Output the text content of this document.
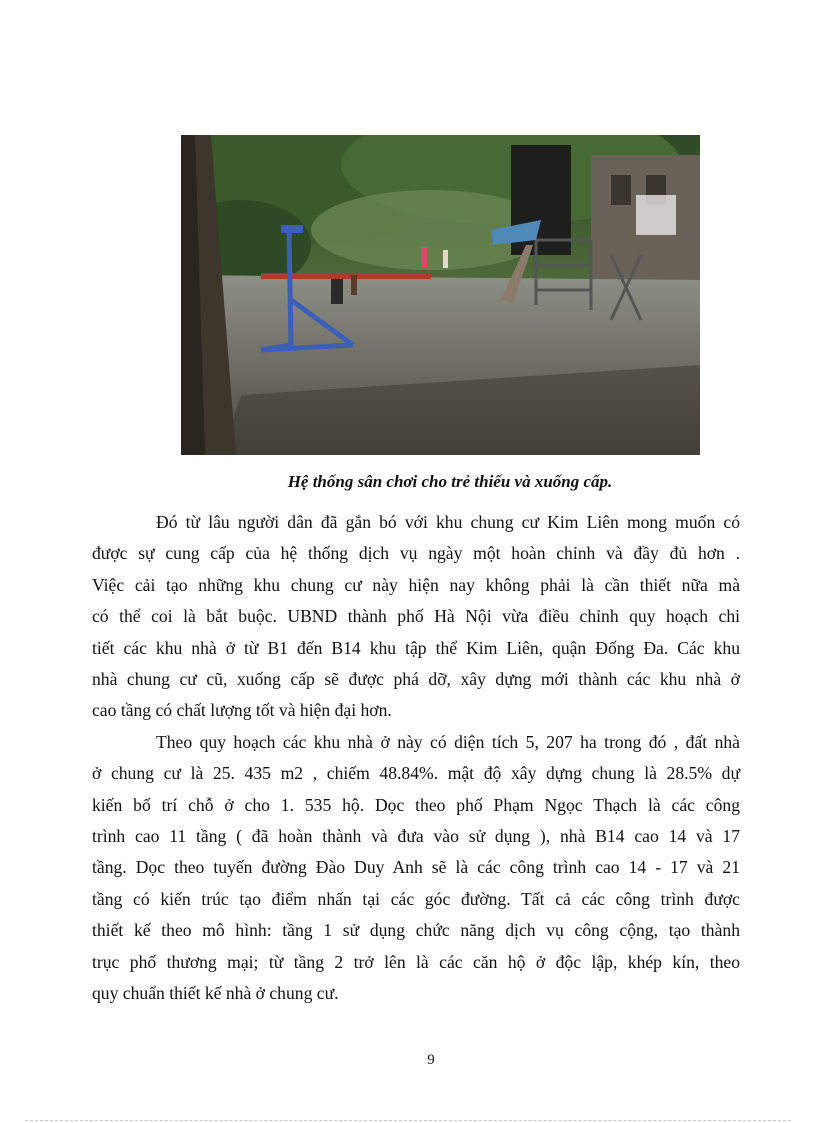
Hệ thống sân chơi cho trẻ thiếu và xuống cấp.
Đó từ lâu người dân đã gắn bó với khu chung cư Kim Liên mong muốn có
được sự cung cấp của hệ thống dịch vụ ngày một hoàn chỉnh và đầy đủ hơn .
Việc cải tạo những khu chung cư này hiện nay không phải là cần thiết nữa mà
có thể coi là bắt buộc. UBND thành phố Hà Nội vừa điều chỉnh quy hoạch chi
tiết các khu nhà ở từ B1 đến B14 khu tập thể Kim Liên, quận Đống Đa. Các khu
nhà chung cư cũ, xuống cấp sẽ được phá dỡ, xây dựng mới thành các khu nhà ở
cao tầng có chất lượng tốt và hiện đại hơn.
Theo quy hoạch các khu nhà ở này có diện tích 5, 207 ha trong đó , đất nhà
ở chung cư là 25. 435 m2 , chiếm 48.84%. mật độ xây dựng chung là 28.5% dự
kiến bố trí chỗ ở cho 1. 535 hộ. Dọc theo phố Phạm Ngọc Thạch là các công
trình cao 11 tầng ( đã hoàn thành và đưa vào sử dụng ), nhà B14 cao 14 và 17
tầng. Dọc theo tuyến đường Đào Duy Anh sẽ là các công trình cao 14 - 17 và 21
tầng có kiến trúc tạo điểm nhấn tại các góc đường. Tất cả các công trình được
thiết kế theo mô hình: tầng 1 sử dụng chức năng dịch vụ công cộng, tạo thành
trục phố thương mại; từ tầng 2 trở lên là các căn hộ ở độc lập, khép kín, theo
quy chuẩn thiết kế nhà ở chung cư.
9
